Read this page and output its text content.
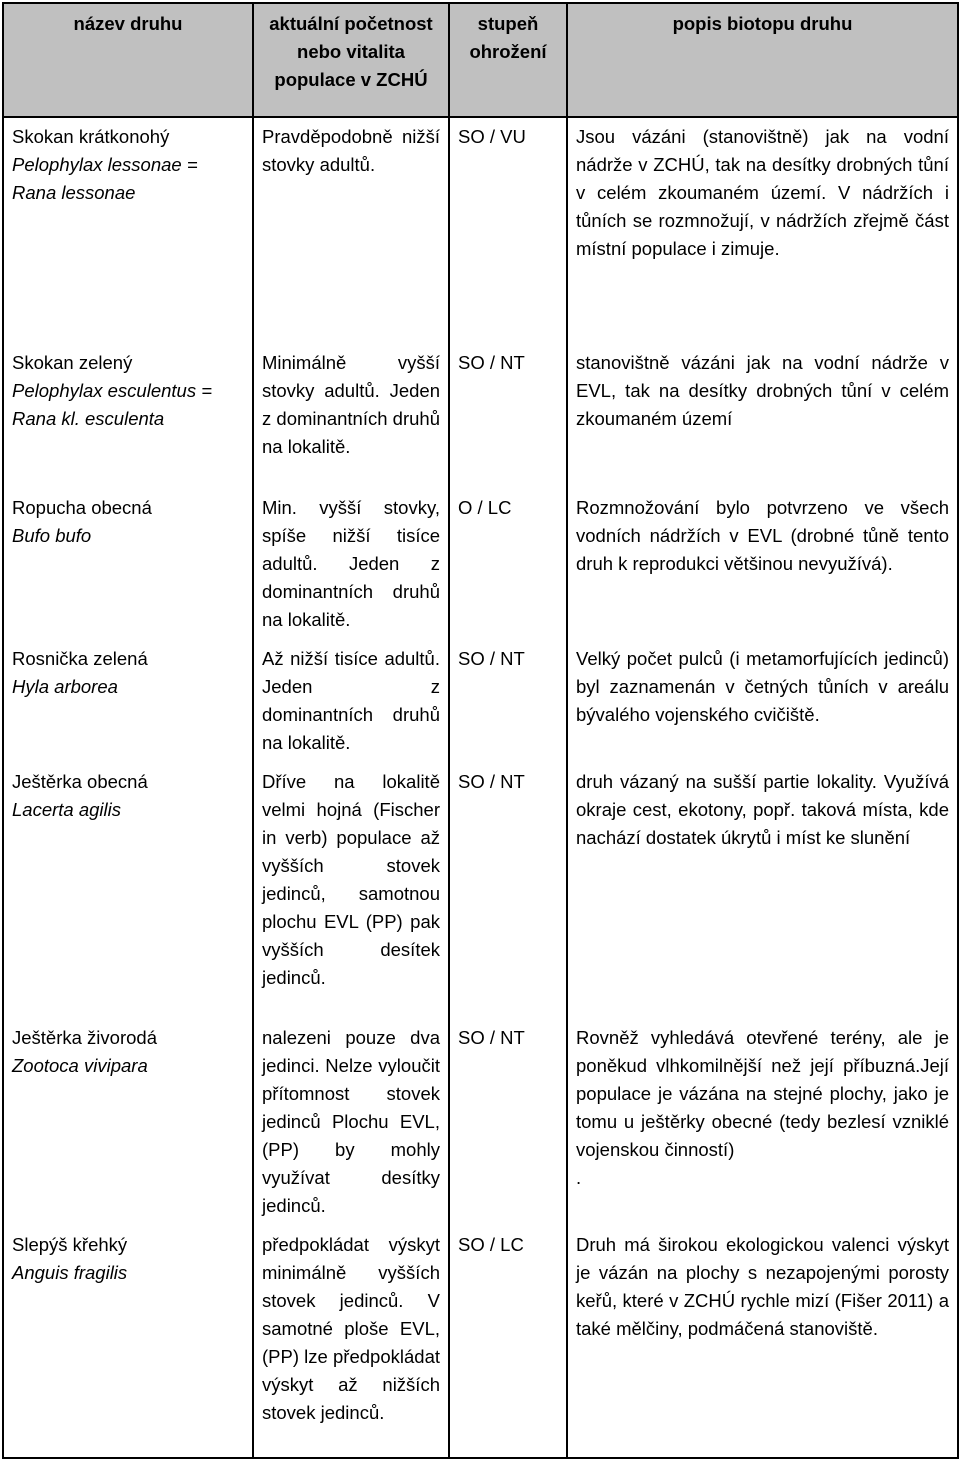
název druhu	aktuální početnost nebo vitalita populace v ZCHÚ	stupeň ohrožení	popis biotopu druhu

Skokan krátkonohý
Pelophylax lessonae = Rana lessonae	Pravděpodobně nižší stovky adultů.	SO / VU	Jsou vázáni (stanovištně) jak na vodní nádrže v ZCHÚ, tak na desítky drobných tůní v celém zkoumaném území. V nádržích i tůních se rozmnožují, v nádržích zřejmě část místní populace i zimuje.

Skokan zelený
Pelophylax esculentus = Rana kl. esculenta	Minimálně vyšší stovky adultů. Jeden z dominantních druhů na lokalitě.	SO / NT	stanovištně vázáni jak na vodní nádrže v EVL, tak na desítky drobných tůní v celém zkoumaném území

Ropucha obecná
Bufo bufo	Min. vyšší stovky, spíše nižší tisíce adultů. Jeden z dominantních druhů na lokalitě.	O / LC	Rozmnožování bylo potvrzeno ve všech vodních nádržích v EVL (drobné tůně tento druh k reprodukci většinou nevyužívá).

Rosnička zelená
Hyla arborea	Až nižší tisíce adultů. Jeden z dominantních druhů na lokalitě.	SO / NT	Velký počet pulců (i metamorfujících jedinců) byl zaznamenán v četných tůních v areálu bývalého vojenského cvičiště.

Ještěrka obecná
Lacerta agilis	Dříve na lokalitě velmi hojná (Fischer in verb) populace až vyšších stovek jedinců, samotnou plochu EVL (PP) pak vyšších desítek jedinců.	SO / NT	druh vázaný na sušší partie lokality. Využívá okraje cest, ekotony, popř. taková místa, kde nachází dostatek úkrytů i míst ke slunění

Ještěrka živorodá
Zootoca vivipara	nalezeni pouze dva jedinci. Nelze vyloučit přítomnost stovek jedinců Plochu EVL, (PP) by mohly využívat desítky jedinců.	SO / NT	Rovněž vyhledává otevřené terény, ale je poněkud vlhkomilnější než její příbuzná.Její populace je vázána na stejné plochy, jako je tomu u ještěrky obecné (tedy bezlesí vzniklé vojenskou činností)
.

Slepýš křehký
Anguis fragilis	předpokládat výskyt minimálně vyšších stovek jedinců. V samotné ploše EVL, (PP) lze předpokládat výskyt až nižších stovek jedinců.	SO / LC	Druh má širokou ekologickou valenci výskyt je vázán na plochy s nezapojenými porosty keřů, které v ZCHÚ rychle mizí (Fišer 2011) a také mělčiny, podmáčená stanoviště.
